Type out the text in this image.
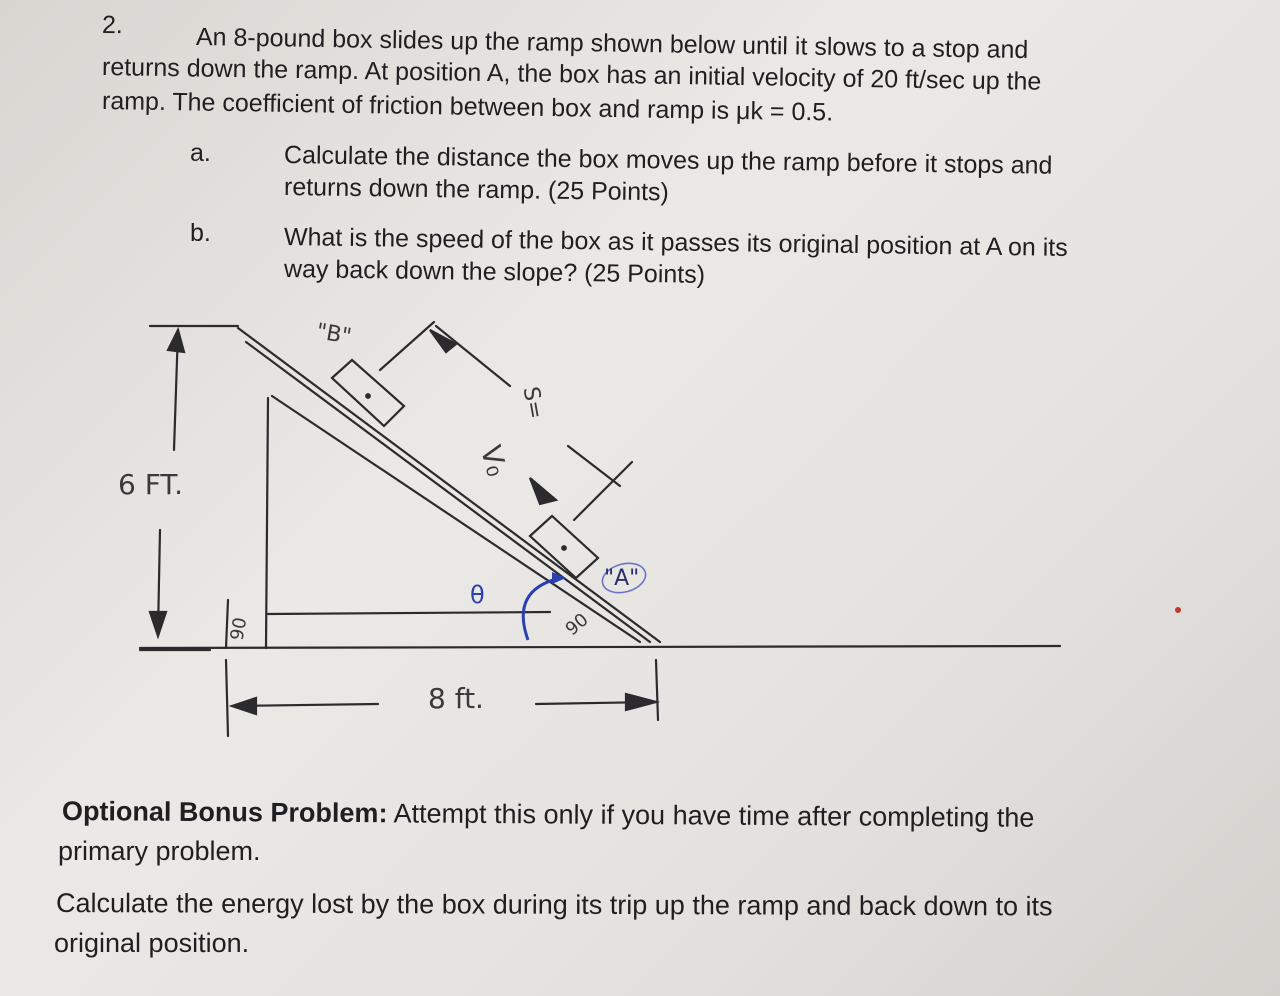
2.	An 8-pound box slides up the ramp shown below until it slows to a stop and
returns down the ramp. At position A, the box has an initial velocity of 20 ft/sec up the
ramp. The coefficient of friction between box and ramp is μk = 0.5.
a.	Calculate the distance the box moves up the ramp before it stops and
returns down the ramp. (25 Points)
b.	What is the speed of the box as it passes its original position at A on its
way back down the slope? (25 Points)
6 FT.
8 ft.
"B"
"A"
V₀
θ
S=
90
90
Optional Bonus Problem: Attempt this only if you have time after completing the
primary problem.
Calculate the energy lost by the box during its trip up the ramp and back down to its
original position.
